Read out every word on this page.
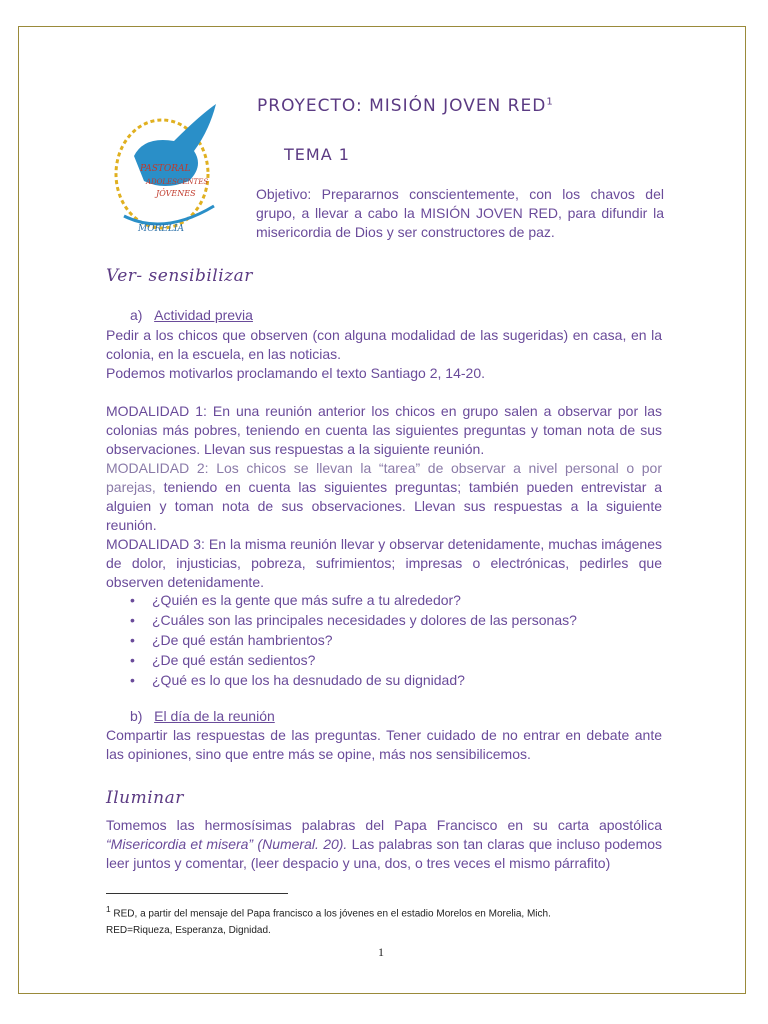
PASTORAL
ADOLESCENTES
JÓVENES
MORELIA
PROYECTO: MISIÓN JOVEN RED$^1$
TEMA 1
Objetivo: Prepararnos conscientemente, con los chavos del grupo, a llevar a cabo la MISIÓN JOVEN RED, para difundir la misericordia de Dios y ser constructores de paz.
Ver- sensibilizar
a) Actividad previa

Pedir a los chicos que observen (con alguna modalidad de las sugeridas) en casa, en la colonia, en la escuela, en las noticias.

Podemos motivarlos proclamando el texto Santiago 2, 14-20.

MODALIDAD 1: En una reunión anterior los chicos en grupo salen a observar por las colonias más pobres, teniendo en cuenta las siguientes preguntas y toman nota de sus observaciones. Llevan sus respuestas a la siguiente reunión.

MODALIDAD 2: Los chicos se llevan la “tarea” de observar a nivel personal o por parejas, teniendo en cuenta las siguientes preguntas; también pueden entrevistar a alguien y toman nota de sus observaciones. Llevan sus respuestas a la siguiente reunión.

MODALIDAD 3: En la misma reunión llevar y observar detenidamente, muchas imágenes de dolor, injusticias, pobreza, sufrimientos; impresas o electrónicas, pedirles que observen detenidamente.

• ¿Quién es la gente que más sufre a tu alrededor?
• ¿Cuáles son las principales necesidades y dolores de las personas?
• ¿De qué están hambrientos?
• ¿De qué están sedientos?
• ¿Qué es lo que los ha desnudado de su dignidad?
b) El día de la reunión
Compartir las respuestas de las preguntas. Tener cuidado de no entrar en debate ante las opiniones, sino que entre más se opine, más nos sensibilicemos.
Iluminar
Tomemos las hermosísimas palabras del Papa Francisco en su carta apostólica “Misericordia et misera” (Numeral. 20). Las palabras son tan claras que incluso podemos leer juntos y comentar, (leer despacio y una, dos, o tres veces el mismo párrafito)
$^1$ RED, a partir del mensaje del Papa francisco a los jóvenes en el estadio Morelos en Morelia, Mich.
RED=Riqueza, Esperanza, Dignidad.
1
